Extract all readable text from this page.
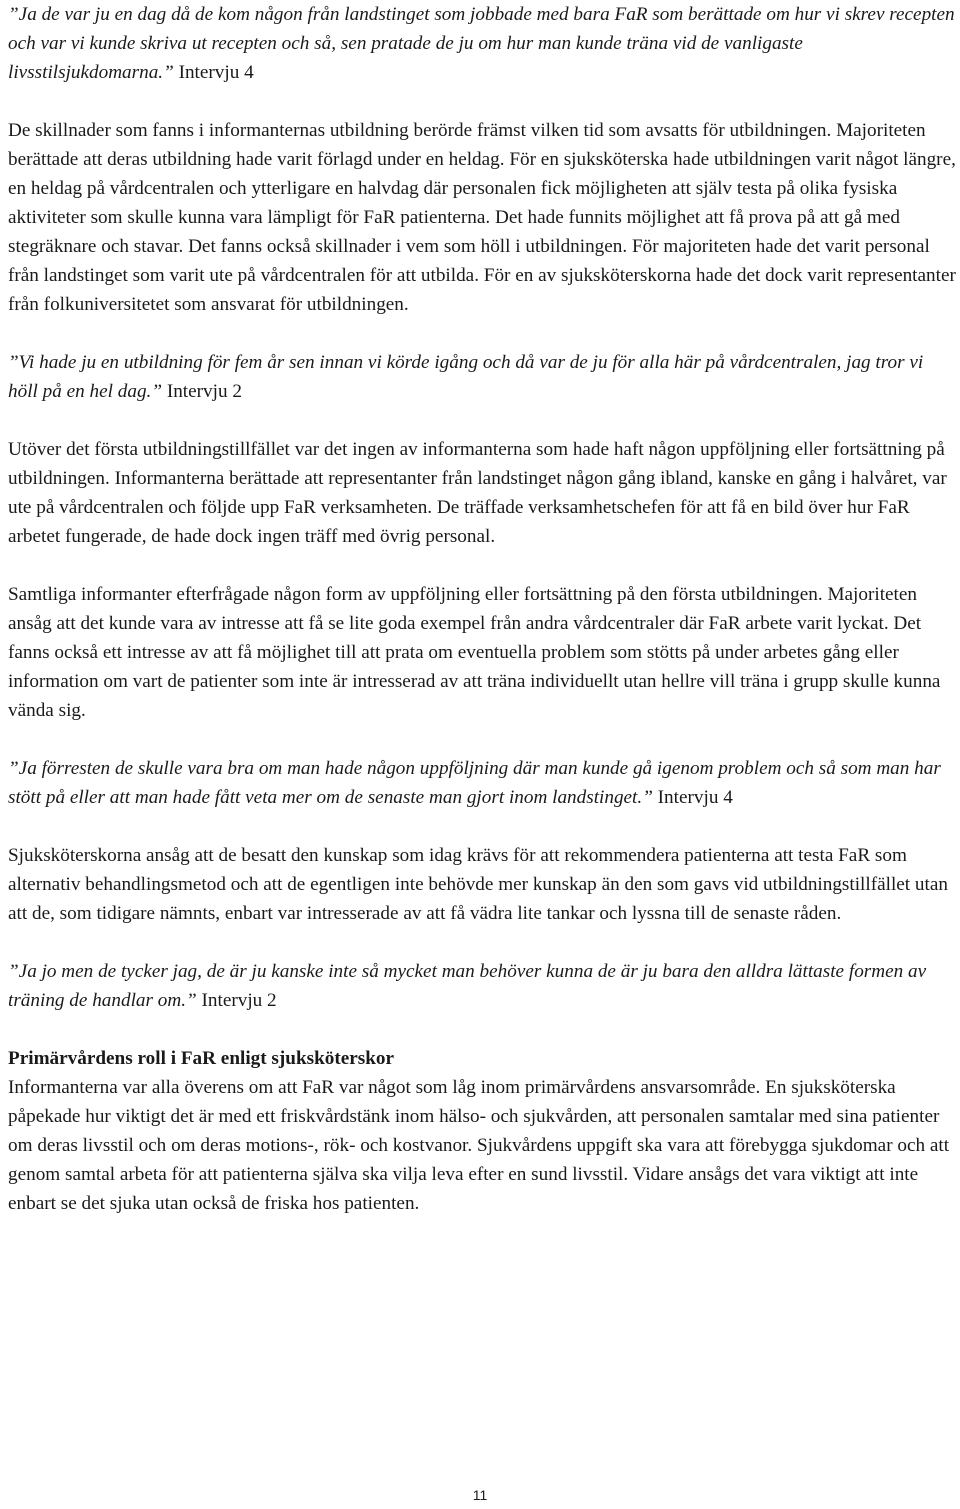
”Ja de var ju en dag då de kom någon från landstinget som jobbade med bara FaR som berättade om hur vi skrev recepten och var vi kunde skriva ut recepten och så, sen pratade de ju om hur man kunde träna vid de vanligaste livsstilsjukdomarna.” Intervju 4

De skillnader som fanns i informanternas utbildning berörde främst vilken tid som avsatts för utbildningen. Majoriteten berättade att deras utbildning hade varit förlagd under en heldag. För en sjuksköterska hade utbildningen varit något längre, en heldag på vårdcentralen och ytterligare en halvdag där personalen fick möjligheten att själv testa på olika fysiska aktiviteter som skulle kunna vara lämpligt för FaR patienterna. Det hade funnits möjlighet att få prova på att gå med stegräknare och stavar. Det fanns också skillnader i vem som höll i utbildningen. För majoriteten hade det varit personal från landstinget som varit ute på vårdcentralen för att utbilda. För en av sjuksköterskorna hade det dock varit representanter från folkuniversitetet som ansvarat för utbildningen.

”Vi hade ju en utbildning för fem år sen innan vi körde igång och då var de ju för alla här på vårdcentralen, jag tror vi höll på en hel dag.” Intervju 2

Utöver det första utbildningstillfället var det ingen av informanterna som hade haft någon uppföljning eller fortsättning på utbildningen. Informanterna berättade att representanter från landstinget någon gång ibland, kanske en gång i halvåret, var ute på vårdcentralen och följde upp FaR verksamheten. De träffade verksamhetschefen för att få en bild över hur FaR arbetet fungerade, de hade dock ingen träff med övrig personal.

Samtliga informanter efterfrågade någon form av uppföljning eller fortsättning på den första utbildningen. Majoriteten ansåg att det kunde vara av intresse att få se lite goda exempel från andra vårdcentraler där FaR arbete varit lyckat. Det fanns också ett intresse av att få möjlighet till att prata om eventuella problem som stötts på under arbetes gång eller information om vart de patienter som inte är intresserad av att träna individuellt utan hellre vill träna i grupp skulle kunna vända sig.

”Ja förresten de skulle vara bra om man hade någon uppföljning där man kunde gå igenom problem och så som man har stött på eller att man hade fått veta mer om de senaste man gjort inom landstinget.” Intervju 4

Sjuksköterskorna ansåg att de besatt den kunskap som idag krävs för att rekommendera patienterna att testa FaR som alternativ behandlingsmetod och att de egentligen inte behövde mer kunskap än den som gavs vid utbildningstillfället utan att de, som tidigare nämnts, enbart var intresserade av att få vädra lite tankar och lyssna till de senaste råden.

”Ja jo men de tycker jag, de är ju kanske inte så mycket man behöver kunna de är ju bara den alldra lättaste formen av träning de handlar om.” Intervju 2

Primärvårdens roll i FaR enligt sjuksköterskor

Informanterna var alla överens om att FaR var något som låg inom primärvårdens ansvarsområde. En sjuksköterska påpekade hur viktigt det är med ett friskvårdstänk inom hälso- och sjukvården, att personalen samtalar med sina patienter om deras livsstil och om deras motions-, rök- och kostvanor. Sjukvårdens uppgift ska vara att förebygga sjukdomar och att genom samtal arbeta för att patienterna själva ska vilja leva efter en sund livsstil. Vidare ansågs det vara viktigt att inte enbart se det sjuka utan också de friska hos patienten.

11
